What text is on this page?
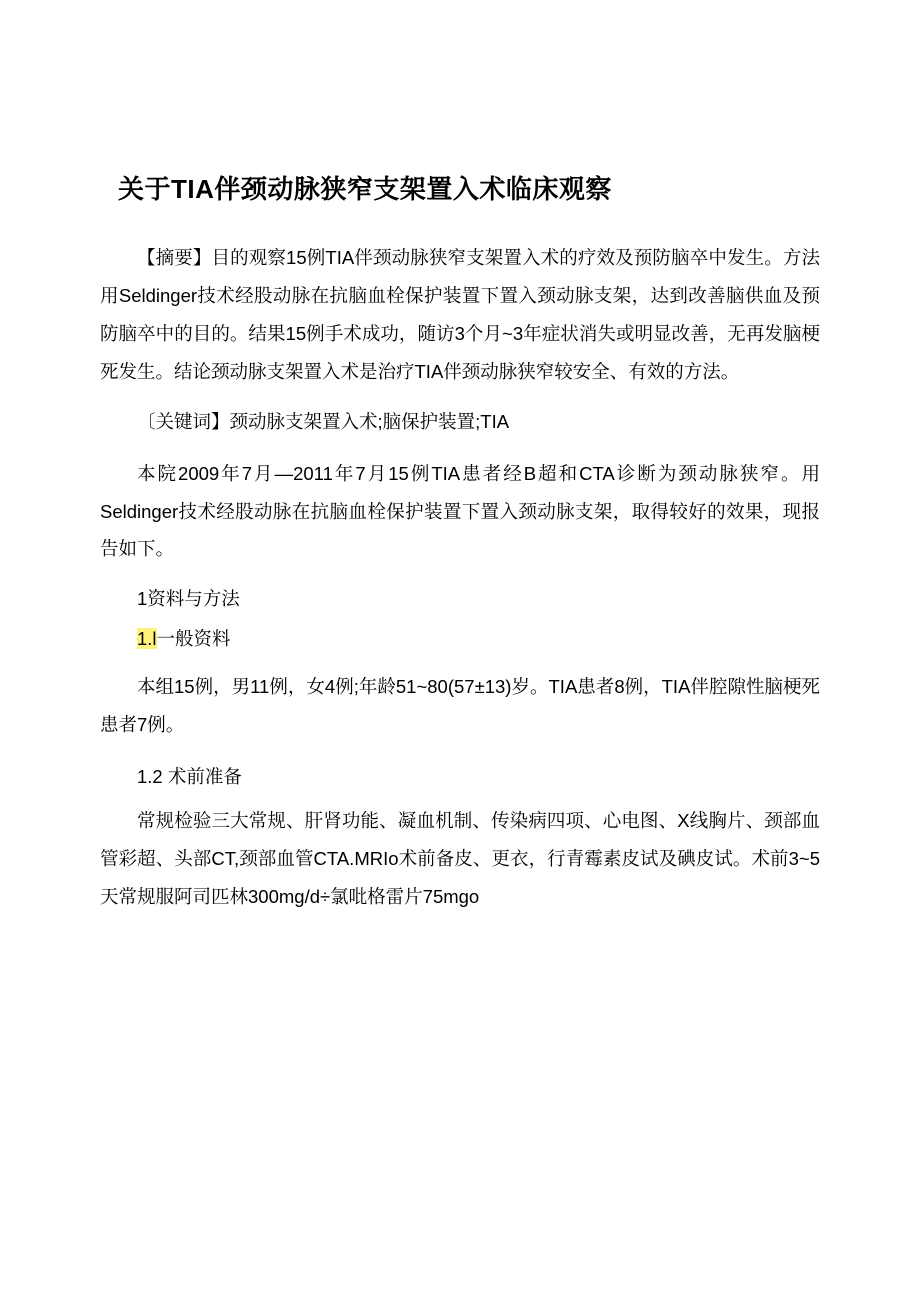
关于TIA伴颈动脉狭窄支架置入术临床观察

【摘要】目的观察15例TIA伴颈动脉狭窄支架置入术的疗效及预防脑卒中发生。方法用Seldinger技术经股动脉在抗脑血栓保护装置下置入颈动脉支架，达到改善脑供血及预防脑卒中的目的。结果15例手术成功，随访3个月~3年症状消失或明显改善，无再发脑梗死发生。结论颈动脉支架置入术是治疗TIA伴颈动脉狭窄较安全、有效的方法。

〔关键词】颈动脉支架置入术;脑保护装置;TIA

本院2009年7月—2011年7月15例TIA患者经B超和CTA诊断为颈动脉狭窄。用Seldinger技术经股动脉在抗脑血栓保护装置下置入颈动脉支架，取得较好的效果，现报告如下。

1资料与方法

1.l一般资料

本组15例，男11例，女4例;年龄51~80(57±13)岁。TIA患者8例，TIA伴腔隙性脑梗死患者7例。

1.2 术前准备

常规检验三大常规、肝肾功能、凝血机制、传染病四项、心电图、X线胸片、颈部血管彩超、头部CT,颈部血管CTA.MRIo术前备皮、更衣，行青霉素皮试及碘皮试。术前3~5天常规服阿司匹林300mg/d÷氯吡格雷片75mgo
